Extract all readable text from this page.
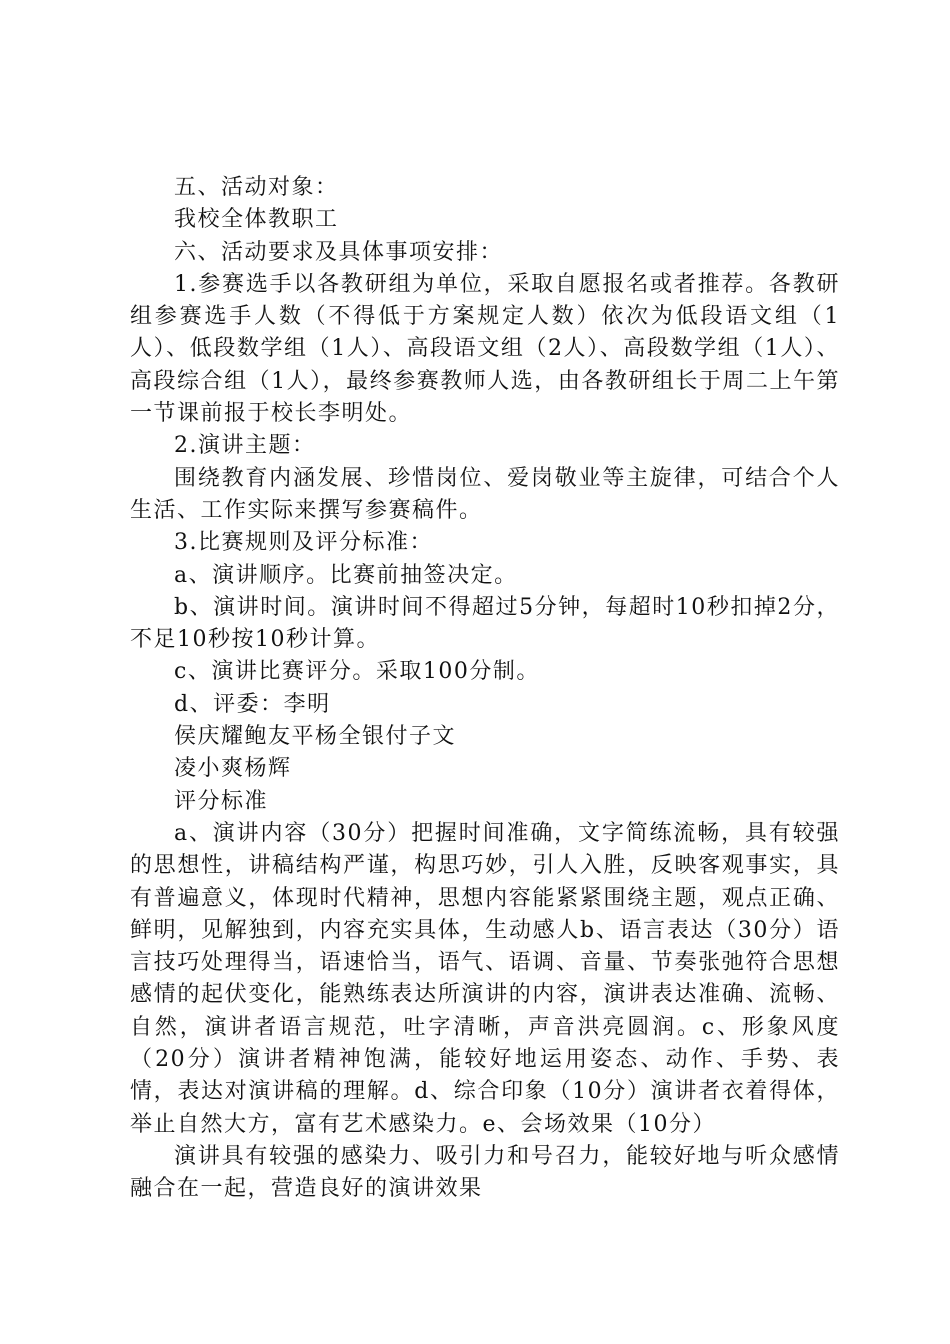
五、活动对象：

我校全体教职工

六、活动要求及具体事项安排：

1.参赛选手以各教研组为单位，采取自愿报名或者推荐。各教研组参赛选手人数（不得低于方案规定人数）依次为低段语文组（1人）、低段数学组（1人）、高段语文组（2人）、高段数学组（1人）、高段综合组（1人），最终参赛教师人选，由各教研组长于周二上午第一节课前报于校长李明处。

2.演讲主题：

围绕教育内涵发展、珍惜岗位、爱岗敬业等主旋律，可结合个人生活、工作实际来撰写参赛稿件。

3.比赛规则及评分标准：

a、演讲顺序。比赛前抽签决定。

b、演讲时间。演讲时间不得超过5分钟，每超时10秒扣掉2分，不足10秒按10秒计算。

c、演讲比赛评分。采取100分制。

d、评委：李明

侯庆耀鲍友平杨全银付子文

凌小爽杨辉

评分标准

a、演讲内容（30分）把握时间准确，文字简练流畅，具有较强的思想性，讲稿结构严谨，构思巧妙，引人入胜，反映客观事实，具有普遍意义，体现时代精神，思想内容能紧紧围绕主题，观点正确、鲜明，见解独到，内容充实具体，生动感人b、语言表达（30分）语言技巧处理得当，语速恰当，语气、语调、音量、节奏张弛符合思想感情的起伏变化，能熟练表达所演讲的内容，演讲表达准确、流畅、自然，演讲者语言规范，吐字清晰，声音洪亮圆润。c、形象风度（20分）演讲者精神饱满，能较好地运用姿态、动作、手势、表情，表达对演讲稿的理解。d、综合印象（10分）演讲者衣着得体，举止自然大方，富有艺术感染力。e、会场效果（10分）

演讲具有较强的感染力、吸引力和号召力，能较好地与听众感情融合在一起，营造良好的演讲效果
